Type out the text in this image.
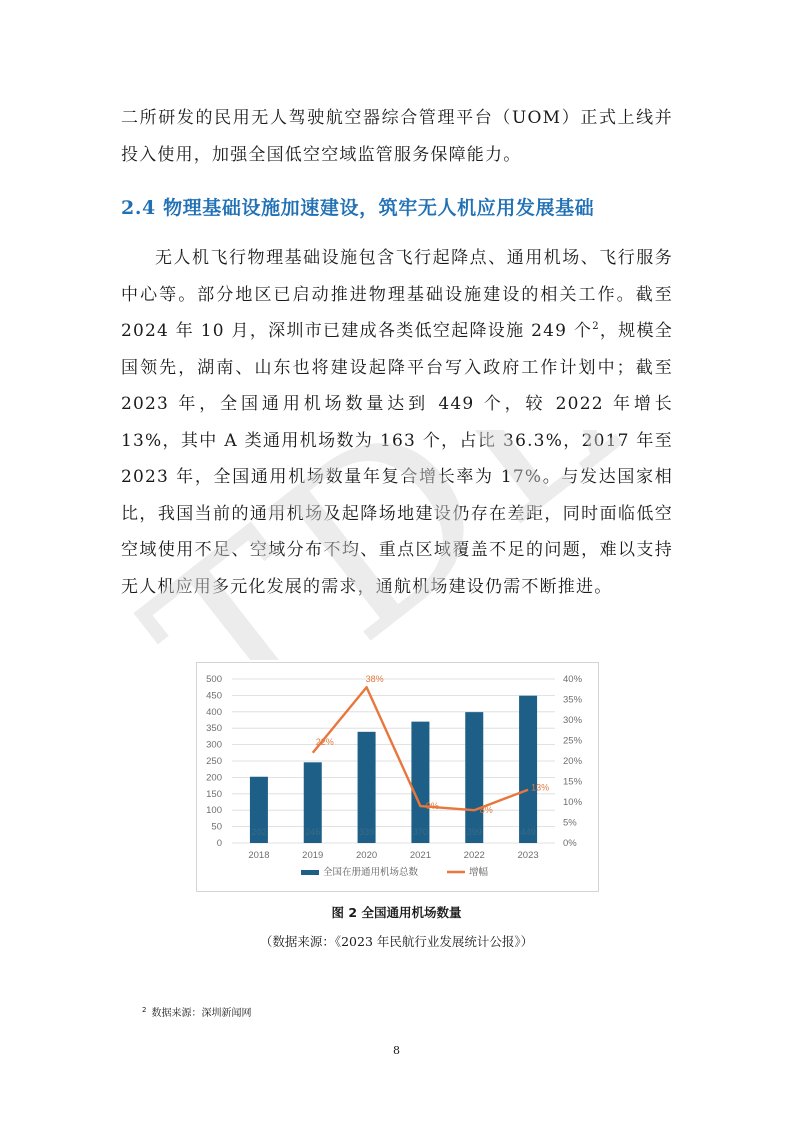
二所研发的民用无人驾驶航空器综合管理平台（UOM）正式上线并投入使用，加强全国低空空域监管服务保障能力。

2.4 物理基础设施加速建设，筑牢无人机应用发展基础

无人机飞行物理基础设施包含飞行起降点、通用机场、飞行服务中心等。部分地区已启动推进物理基础设施建设的相关工作。截至 2024 年 10 月，深圳市已建成各类低空起降设施 249 个$^2$，规模全国领先，湖南、山东也将建设起降平台写入政府工作计划中；截至 2023 年，全国通用机场数量达到 449 个，较 2022 年增长 13%，其中 A 类通用机场数为 163 个，占比 36.3%，2017 年至 2023 年，全国通用机场数量年复合增长率为 17%。与发达国家相比，我国当前的通用机场及起降场地建设仍存在差距，同时面临低空空域使用不足、空域分布不均、重点区域覆盖不足的问题，难以支持无人机应用多元化发展的需求，通航机场建设仍需不断推进。

0
50
100
150
200
250
300
350
400
450
500
0%
5%
10%
15%
20%
25%
30%
35%
40%
2018	2019	2020	2021	2022	2023
202	246	339	370	399	449
22%
38%
9%	8%
13%
全国在册通用机场总数	增幅

图 2 全国通用机场数量

（数据来源：《2023 年民航行业发展统计公报》）

$^2$ 数据来源：深圳新闻网

8
